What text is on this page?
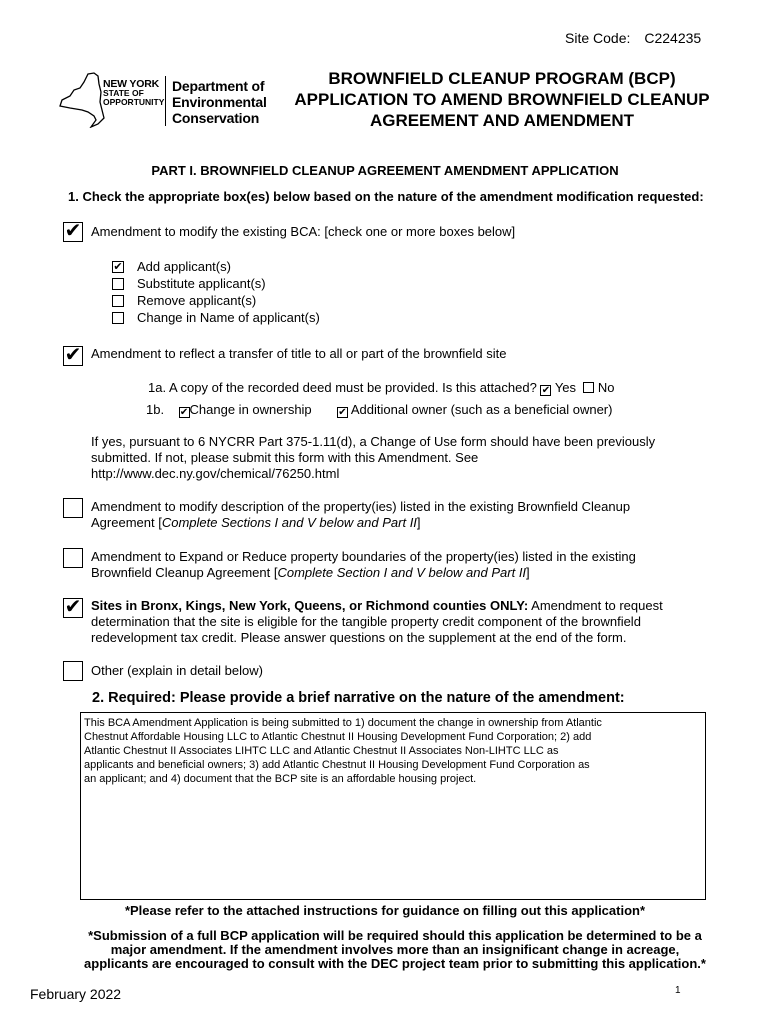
Site Code: C224235
NEW YORK
STATE OF
OPPORTUNITY
Department of
Environmental
Conservation
BROWNFIELD CLEANUP PROGRAM (BCP)
APPLICATION TO AMEND BROWNFIELD CLEANUP
AGREEMENT AND AMENDMENT
PART I. BROWNFIELD CLEANUP AGREEMENT AMENDMENT APPLICATION
1. Check the appropriate box(es) below based on the nature of the amendment modification requested:
✔ Amendment to modify the existing BCA: [check one or more boxes below]
✔ Add applicant(s)
Substitute applicant(s)
Remove applicant(s)
Change in Name of applicant(s)
✔ Amendment to reflect a transfer of title to all or part of the brownfield site
1a. A copy of the recorded deed must be provided. Is this attached? ✔ Yes No
1b. ✔Change in ownership	✔ Additional owner (such as a beneficial owner)
If yes, pursuant to 6 NYCRR Part 375-1.11(d), a Change of Use form should have been previously
submitted. If not, please submit this form with this Amendment. See
http://www.dec.ny.gov/chemical/76250.html
Amendment to modify description of the property(ies) listed in the existing Brownfield Cleanup
Agreement [Complete Sections I and V below and Part II]
Amendment to Expand or Reduce property boundaries of the property(ies) listed in the existing
Brownfield Cleanup Agreement [Complete Section I and V below and Part II]
✔ Sites in Bronx, Kings, New York, Queens, or Richmond counties ONLY: Amendment to request
determination that the site is eligible for the tangible property credit component of the brownfield
redevelopment tax credit. Please answer questions on the supplement at the end of the form.
Other (explain in detail below)
2. Required: Please provide a brief narrative on the nature of the amendment:
This BCA Amendment Application is being submitted to 1) document the change in ownership from Atlantic
Chestnut Affordable Housing LLC to Atlantic Chestnut II Housing Development Fund Corporation; 2) add
Atlantic Chestnut II Associates LIHTC LLC and Atlantic Chestnut II Associates Non-LIHTC LLC as
applicants and beneficial owners; 3) add Atlantic Chestnut II Housing Development Fund Corporation as
an applicant; and 4) document that the BCP site is an affordable housing project.
*Please refer to the attached instructions for guidance on filling out this application*
*Submission of a full BCP application will be required should this application be determined to be a
major amendment. If the amendment involves more than an insignificant change in acreage,
applicants are encouraged to consult with the DEC project team prior to submitting this application.*
February 2022	1
